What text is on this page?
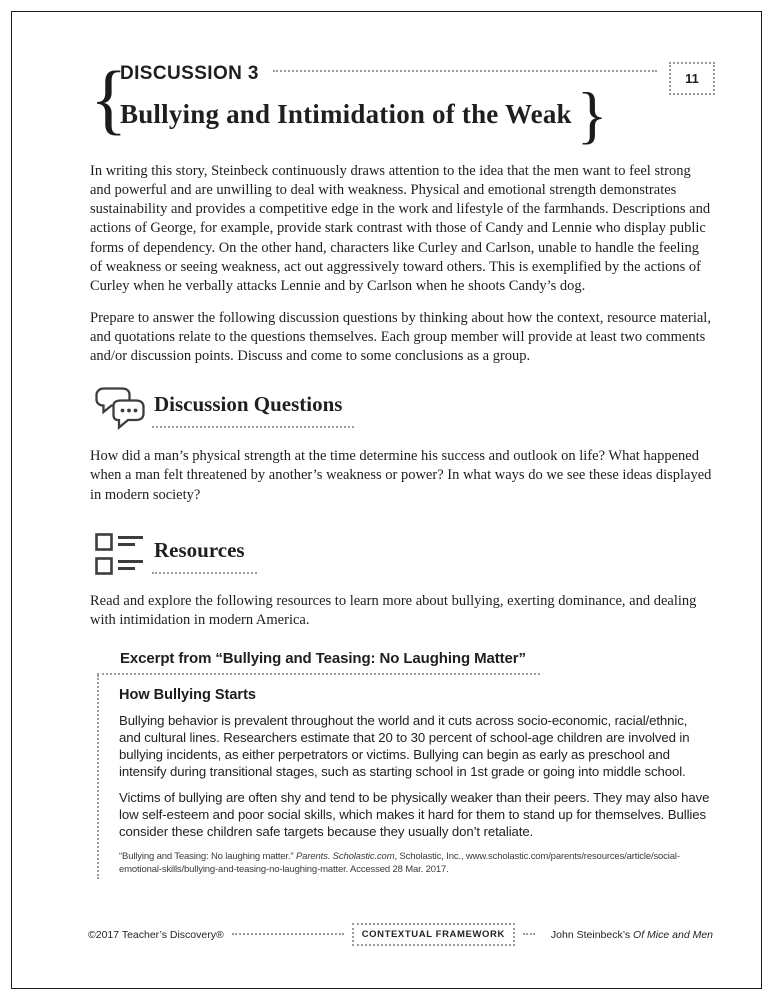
11
{
DISCUSSION 3
Bullying and Intimidation of the Weak }

In writing this story, Steinbeck continuously draws attention to the idea that the men want to feel strong and powerful and are unwilling to deal with weakness. Physical and emotional strength demonstrates sustainability and provides a competitive edge in the work and lifestyle of the farmhands. Descriptions and actions of George, for example, provide stark contrast with those of Candy and Lennie who display public forms of dependency. On the other hand, characters like Curley and Carlson, unable to handle the feeling of weakness or seeing weakness, act out aggressively toward others. This is exemplified by the actions of Curley when he verbally attacks Lennie and by Carlson when he shoots Candy’s dog.

Prepare to answer the following discussion questions by thinking about how the context, resource material, and quotations relate to the questions themselves. Each group member will provide at least two comments and/or discussion points. Discuss and come to some conclusions as a group.

Discussion Questions

How did a man’s physical strength at the time determine his success and outlook on life? What happened when a man felt threatened by another’s weakness or power? In what ways do we see these ideas displayed in modern society?

Resources

Read and explore the following resources to learn more about bullying, exerting dominance, and dealing with intimidation in modern America.

Excerpt from “Bullying and Teasing: No Laughing Matter”
How Bullying Starts

Bullying behavior is prevalent throughout the world and it cuts across socio-economic, racial/ethnic, and cultural lines. Researchers estimate that 20 to 30 percent of school-age children are involved in bullying incidents, as either perpetrators or victims. Bullying can begin as early as preschool and intensify during transitional stages, such as starting school in 1st grade or going into middle school.

Victims of bullying are often shy and tend to be physically weaker than their peers. They may also have low self-esteem and poor social skills, which makes it hard for them to stand up for themselves. Bullies consider these children safe targets because they usually don’t retaliate.

“Bullying and Teasing: No laughing matter.” Parents. Scholastic.com, Scholastic, Inc., www.scholastic.com/parents/resources/article/social-emotional-skills/bullying-and-teasing-no-laughing-matter. Accessed 28 Mar. 2017.

©2017 Teacher’s Discovery®	CONTEXTUAL FRAMEWORK	John Steinbeck’s Of Mice and Men
